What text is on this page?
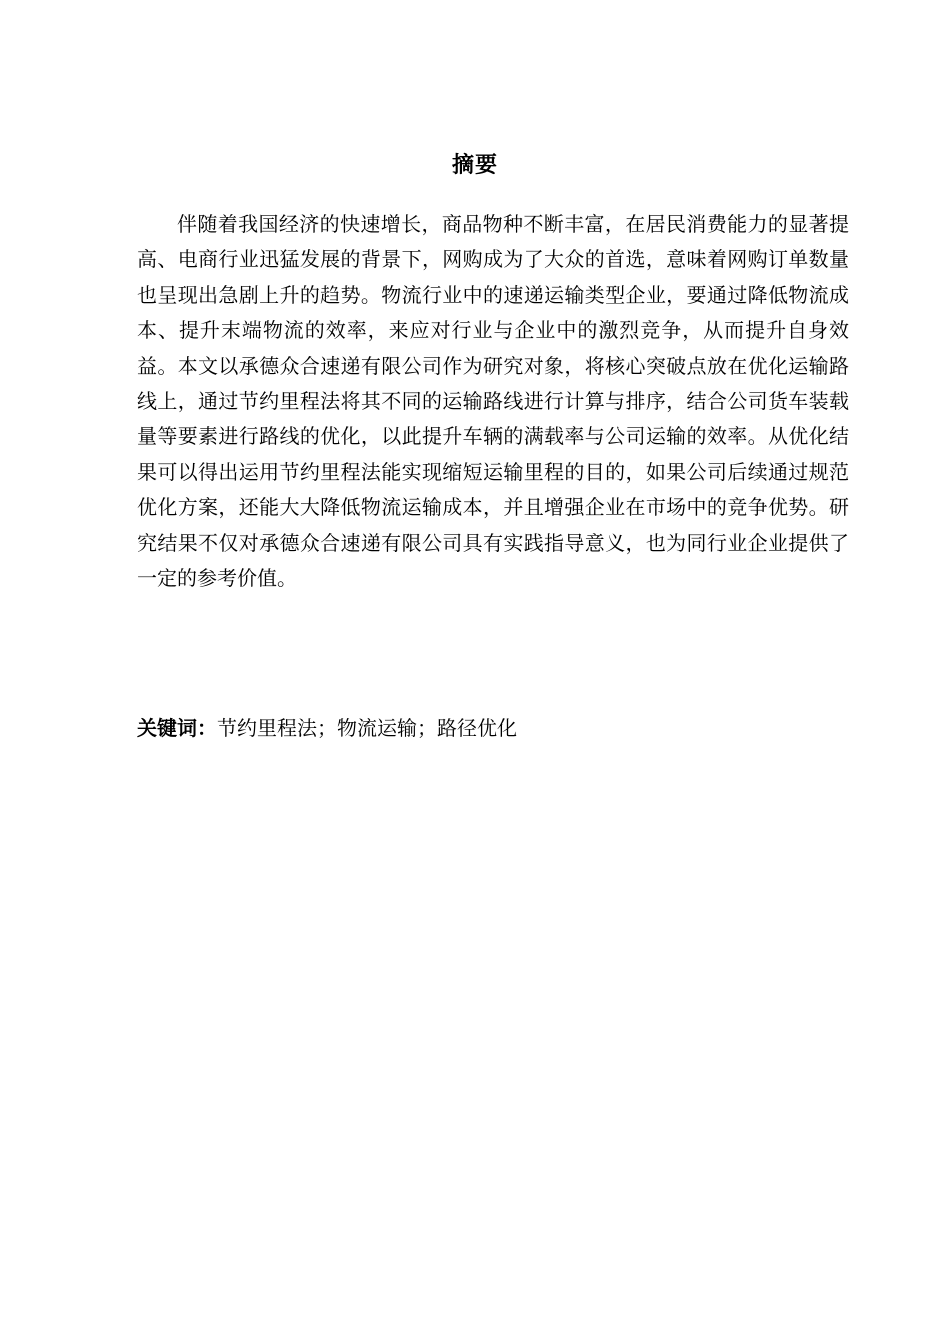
摘要

伴随着我国经济的快速增长，商品物种不断丰富，在居民消费能力的显著提高、电商行业迅猛发展的背景下，网购成为了大众的首选，意味着网购订单数量也呈现出急剧上升的趋势。物流行业中的速递运输类型企业，要通过降低物流成本、提升末端物流的效率，来应对行业与企业中的激烈竞争，从而提升自身效益。本文以承德众合速递有限公司作为研究对象，将核心突破点放在优化运输路线上，通过节约里程法将其不同的运输路线进行计算与排序，结合公司货车装载量等要素进行路线的优化，以此提升车辆的满载率与公司运输的效率。从优化结果可以得出运用节约里程法能实现缩短运输里程的目的，如果公司后续通过规范优化方案，还能大大降低物流运输成本，并且增强企业在市场中的竞争优势。研究结果不仅对承德众合速递有限公司具有实践指导意义，也为同行业企业提供了一定的参考价值。

关键词：节约里程法；物流运输；路径优化
